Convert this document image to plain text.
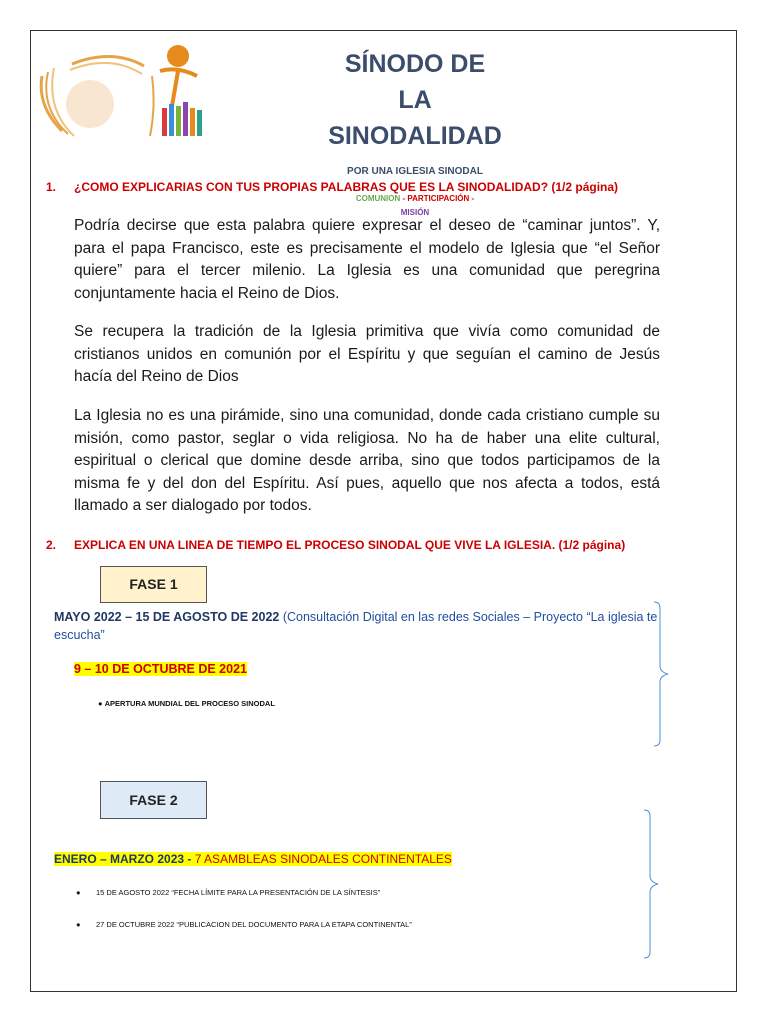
SÍNODO DE
LA
SINODALIDAD
POR UNA IGLESIA SINODAL
COMUNION - PARTICIPACIÓN -
MISIÓN
1. ¿COMO EXPLICARIAS CON TUS PROPIAS PALABRAS QUE ES LA SINODALIDAD? (1/2 página)
Podría decirse que esta palabra quiere expresar el deseo de “caminar juntos”. Y, para el papa Francisco, este es precisamente el modelo de Iglesia que “el Señor quiere” para el tercer milenio. La Iglesia es una comunidad que peregrina conjuntamente hacia el Reino de Dios.
Se recupera la tradición de la Iglesia primitiva que vivía como comunidad de cristianos unidos en comunión por el Espíritu y que seguían el camino de Jesús hacía del Reino de Dios
La Iglesia no es una pirámide, sino una comunidad, donde cada cristiano cumple su misión, como pastor, seglar o vida religiosa. No ha de haber una elite cultural, espiritual o clerical que domine desde arriba, sino que todos participamos de la misma fe y del don del Espíritu. Así pues, aquello que nos afecta a todos, está llamado a ser dialogado por todos.
2. EXPLICA EN UNA LINEA DE TIEMPO EL PROCESO SINODAL QUE VIVE LA IGLESIA. (1/2 página)
FASE 1
MAYO 2022 – 15 DE AGOSTO DE 2022 (Consultación Digital en las redes Sociales – Proyecto “La iglesia te escucha”
9 – 10 DE OCTUBRE DE 2021
● APERTURA MUNDIAL DEL PROCESO SINODAL
FASE 2
ENERO – MARZO 2023 - 7 ASAMBLEAS SINODALES CONTINENTALES
● 15 DE AGOSTO 2022 “FECHA LÍMITE PARA LA PRESENTACIÓN DE LA SÍNTESIS”
● 27 DE OCTUBRE 2022 “PUBLICACION DEL DOCUMENTO PARA LA ETAPA CONTINENTAL”
